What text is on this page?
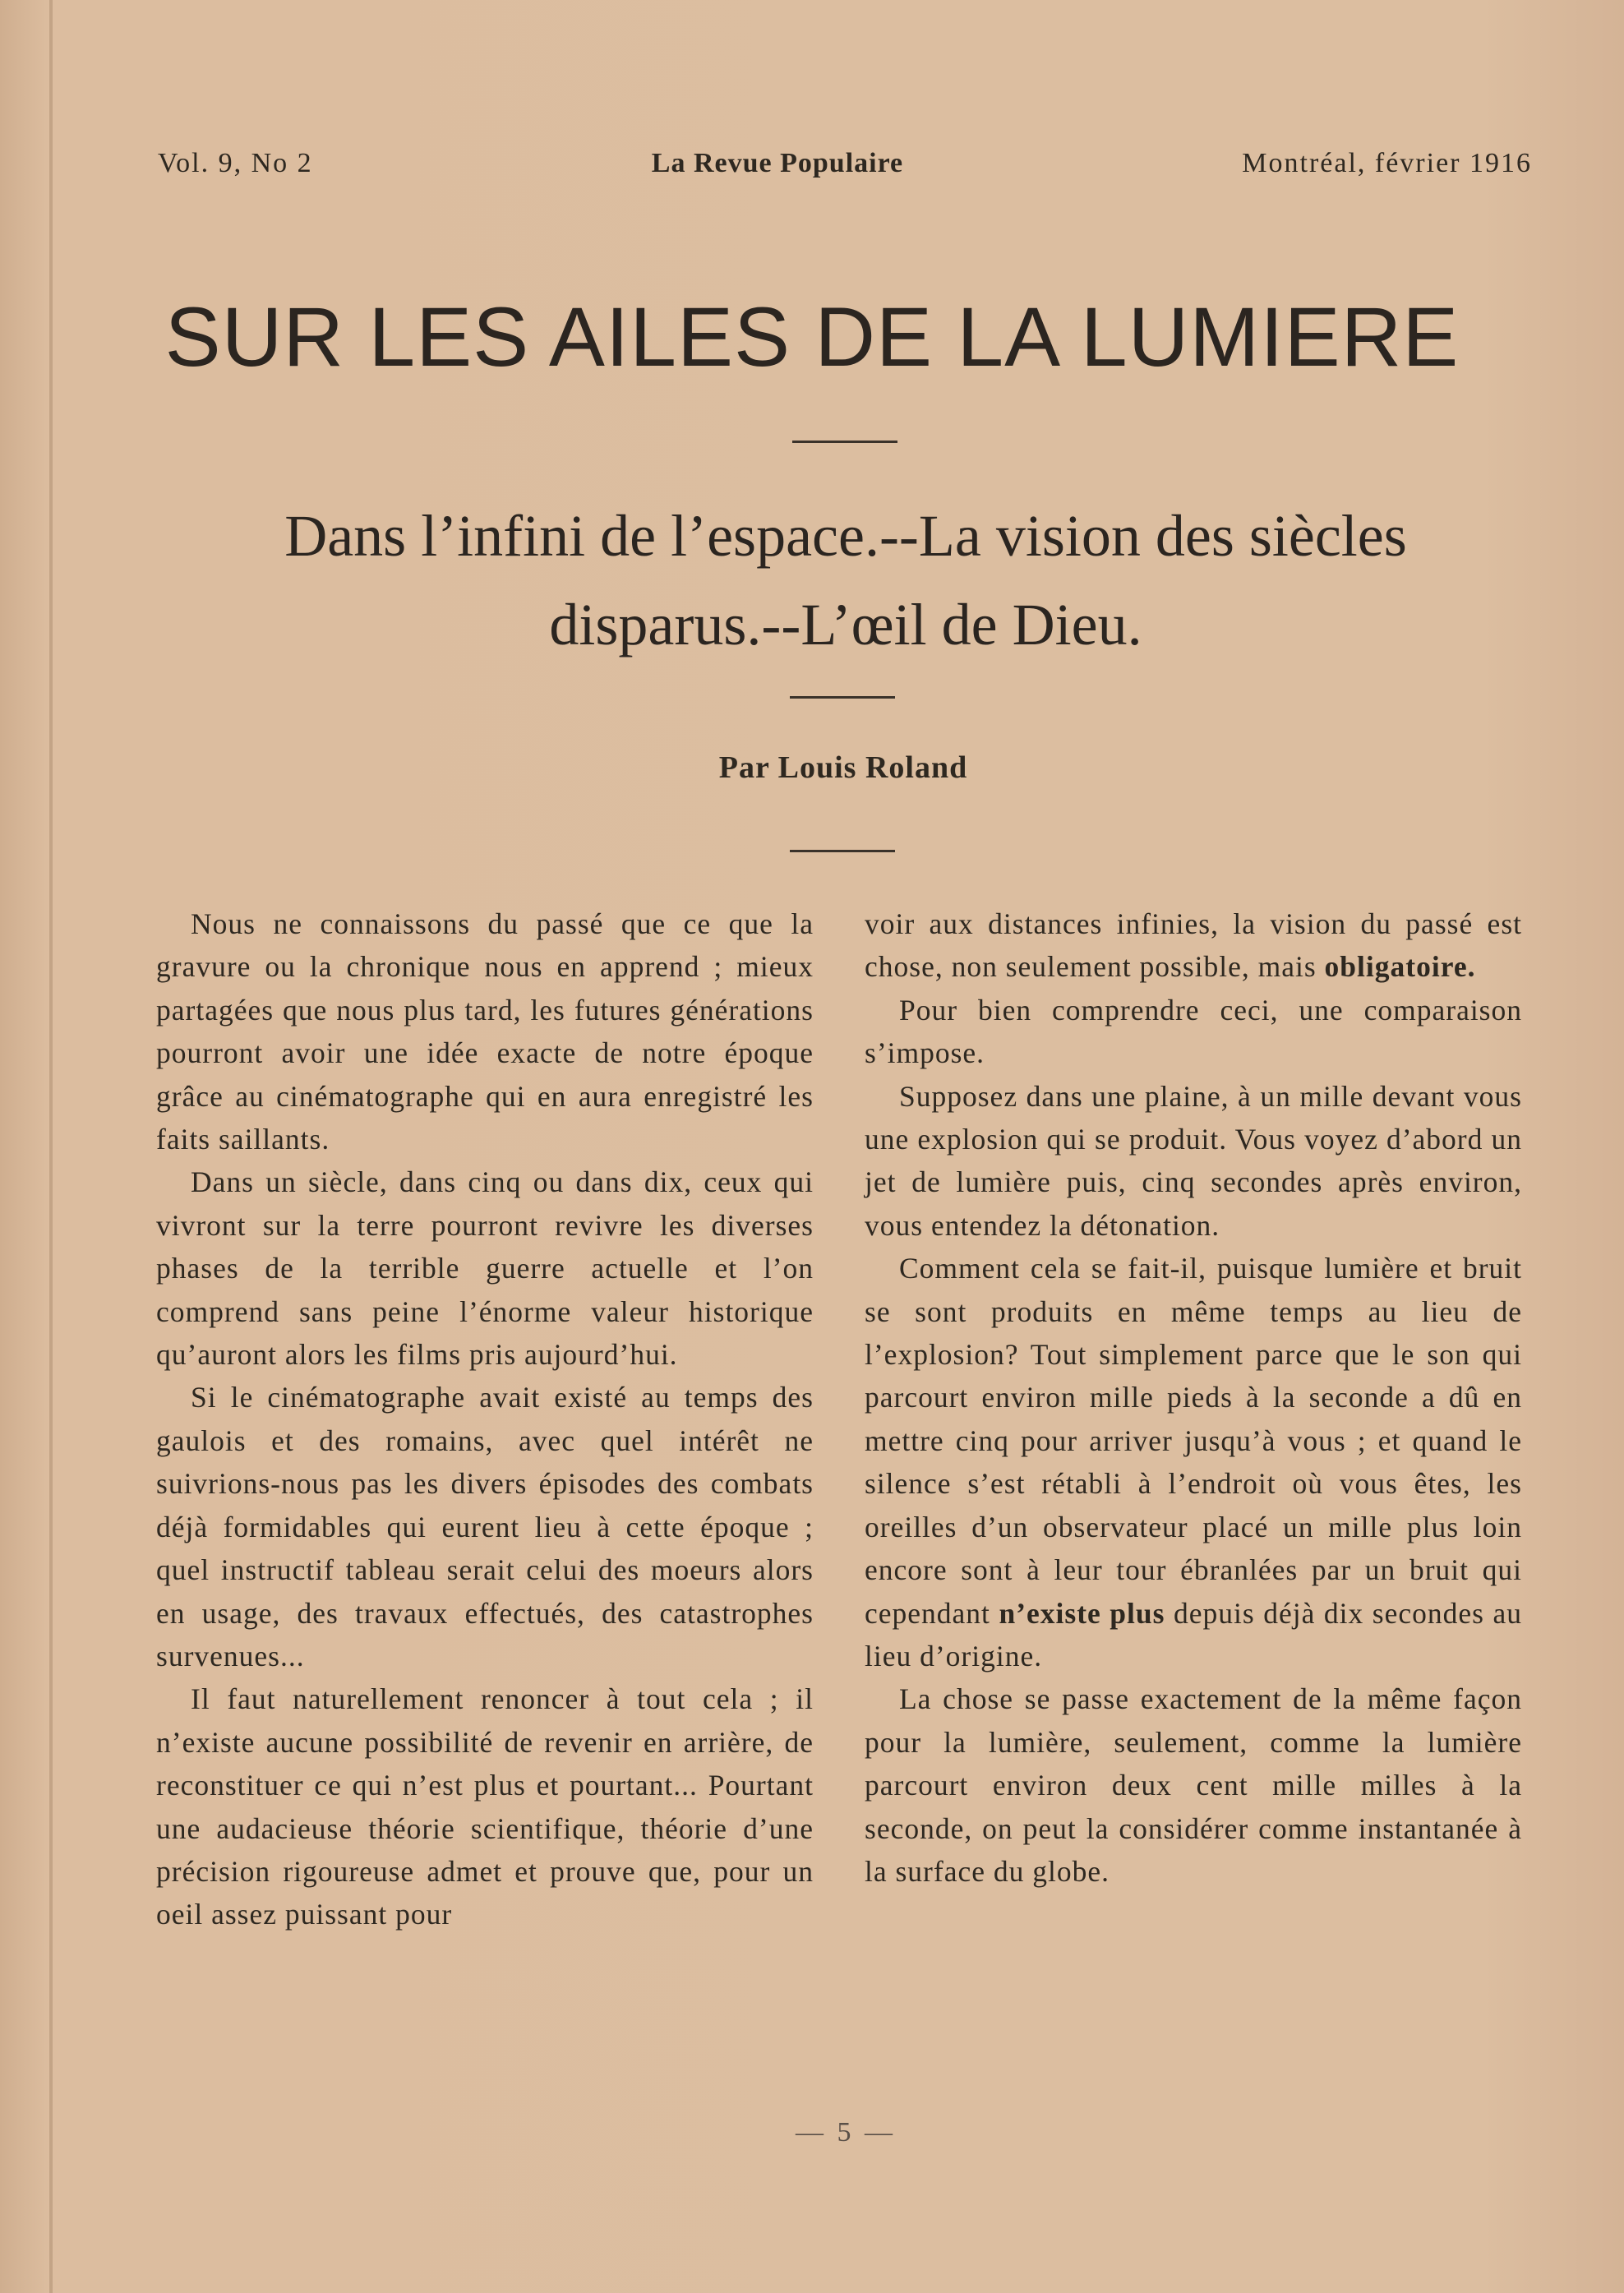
Vol. 9, No 2	La Revue Populaire	Montréal, février 1916
SUR LES AILES DE LA LUMIERE
Dans l’infini de l’espace.--La vision des siècles
disparus.--L’œil de Dieu.
Par Louis Roland

Nous ne connaissons du passé que ce que la gravure ou la chronique nous en apprend ; mieux partagées que nous plus tard, les futures générations pourront avoir une idée exacte de notre époque grâce au cinématographe qui en aura enregistré les faits saillants.

Dans un siècle, dans cinq ou dans dix, ceux qui vivront sur la terre pourront revivre les diverses phases de la terrible guerre actuelle et l’on comprend sans peine l’énorme valeur historique qu’auront alors les films pris aujourd’hui.

Si le cinématographe avait existé au temps des gaulois et des romains, avec quel intérêt ne suivrions-nous pas les divers épisodes des combats déjà formidables qui eurent lieu à cette époque ; quel instructif tableau serait celui des moeurs alors en usage, des travaux effectués, des catastrophes survenues...

Il faut naturellement renoncer à tout cela ; il n’existe aucune possibilité de revenir en arrière, de reconstituer ce qui n’est plus et pourtant... Pourtant une audacieuse théorie scientifique, théorie d’une précision rigoureuse admet et prouve que, pour un oeil assez puissant pour

voir aux distances infinies, la vision du passé est chose, non seulement possible, mais obligatoire.

Pour bien comprendre ceci, une comparaison s’impose.

Supposez dans une plaine, à un mille devant vous une explosion qui se produit. Vous voyez d’abord un jet de lumière puis, cinq secondes après environ, vous entendez la détonation.

Comment cela se fait-il, puisque lumière et bruit se sont produits en même temps au lieu de l’explosion? Tout simplement parce que le son qui parcourt environ mille pieds à la seconde a dû en mettre cinq pour arriver jusqu’à vous ; et quand le silence s’est rétabli à l’endroit où vous êtes, les oreilles d’un observateur placé un mille plus loin encore sont à leur tour ébranlées par un bruit qui cependant n’existe plus depuis déjà dix secondes au lieu d’origine.

La chose se passe exactement de la même façon pour la lumière, seulement, comme la lumière parcourt environ deux cent mille milles à la seconde, on peut la considérer comme instantanée à la surface du globe.

— 5 —
